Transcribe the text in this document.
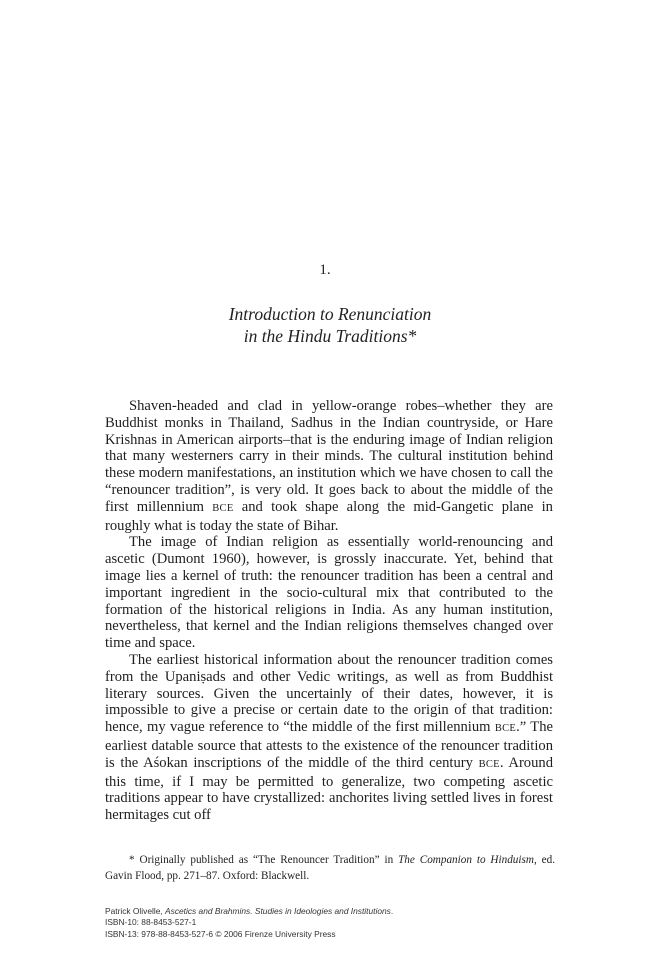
1.
Introduction to Renunciation
in the Hindu Traditions*

Shaven-headed and clad in yellow-orange robes–whether they are Buddhist monks in Thailand, Sadhus in the Indian countryside, or Hare Krishnas in American airports–that is the enduring image of Indian religion that many westerners carry in their minds. The cultural institution behind these modern manifestations, an institution which we have chosen to call the “renouncer tradition”, is very old. It goes back to about the middle of the first millennium BCE and took shape along the mid-Gangetic plane in roughly what is today the state of Bihar.

The image of Indian religion as essentially world-renouncing and ascetic (Dumont 1960), however, is grossly inaccurate. Yet, behind that image lies a kernel of truth: the renouncer tradition has been a central and important ingredient in the socio-cultural mix that contributed to the formation of the historical religions in India. As any human institution, nevertheless, that kernel and the Indian religions themselves changed over time and space.

The earliest historical information about the renouncer tradition comes from the Upaniṣads and other Vedic writings, as well as from Buddhist literary sources. Given the uncertainly of their dates, however, it is impossible to give a precise or certain date to the origin of that tradition: hence, my vague reference to “the middle of the first millennium BCE.” The earliest datable source that attests to the existence of the renouncer tradition is the Aśokan inscriptions of the middle of the third century BCE. Around this time, if I may be permitted to generalize, two competing ascetic traditions appear to have crystallized: anchorites living settled lives in forest hermitages cut off

* Originally published as “The Renouncer Tradition” in The Companion to Hinduism, ed. Gavin Flood, pp. 271–87. Oxford: Blackwell.

Patrick Olivelle, Ascetics and Brahmins. Studies in Ideologies and Institutions.
ISBN-10: 88-8453-527-1
ISBN-13: 978-88-8453-527-6 © 2006 Firenze University Press
